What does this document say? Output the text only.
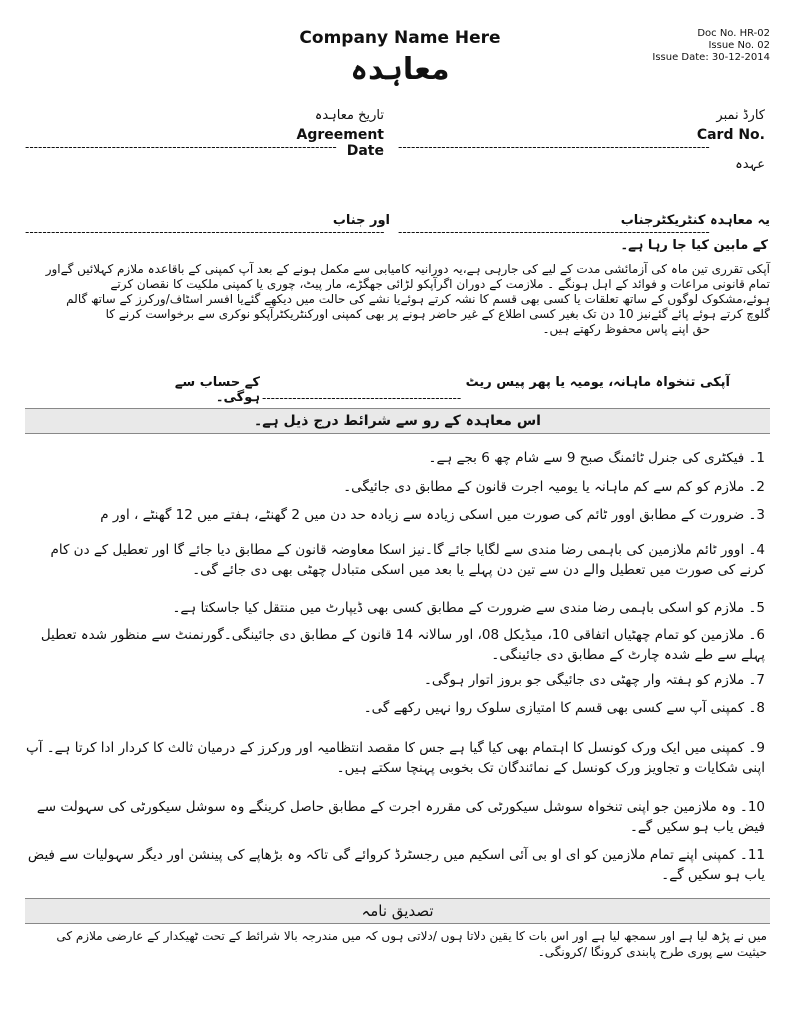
Company Name Here
معاہدہ
Doc No. HR-02
Issue No. 02
Issue Date: 30-12-2014
کارڈ نمبر
Card No.
------------------------------------------------------------------------
تاریخ معاہدہ
Agreement Date
------------------------------------------------------------------------
عہدہ
یہ معاہدہ کنٹریکٹرجناب
------------------------------------------------------------------------
اور جناب
-----------------------------------------------------------------------------------
کے مابین کیا جا رہا ہے۔
آپکی تقرری تین ماہ کی آزمائشی مدت کے لیے کی جارہی ہے،یہ دورانیہ کامیابی سے مکمل ہونے کے بعد آپ کمپنی کے باقاعدہ ملازم کہلائیں گےاور
تمام قانونی مراعات و فوائد کے اہل ہونگے ۔ ملازمت کے دوران اگرآپکو لڑائی جھگڑے، مار پیٹ، چوری یا کمپنی ملکیت کا نقصان کرتے
ہوئے،مشکوک لوگوں کے ساتھ تعلقات یا کسی بھی قسم کا نشہ کرتے ہوئےیا نشے کی حالت میں دیکھے گئےیا افسر اسٹاف/ورکرز کے ساتھ گالم
گلوچ کرتے ہوئے پائے گئےنیز 10 دن تک بغیر کسی اطلاع کے غیر حاضر ہونے پر بھی کمپنی اورکنٹریکٹرآپکو نوکری سے برخواست کرنے کا
حق اپنے پاس محفوظ رکھتے ہیں۔
آپکی تنخواہ ماہانہ، یومیہ یا پھر پیس ریٹ
----------------------------------------------
کے حساب سے ہوگی۔
اس معاہدہ کے رو سے شرائط درج ذیل ہے۔
1۔ فیکٹری کی جنرل ٹائمنگ صبح 9 سے شام چھ 6 بجے ہے۔
2۔ ملازم کو کم سے کم ماہانہ یا یومیہ اجرت قانون کے مطابق دی جائیگی۔
3۔ ضرورت کے مطابق اوور ٹائم کی صورت میں اسکی زیادہ سے زیادہ حد دن میں 2 گھنٹے، ہفتے میں 12 گھنٹے ، اور م
4۔ اوور ٹائم ملازمین کی باہمی رضا مندی سے لگایا جائے گا۔نیز اسکا معاوضہ قانون کے مطابق دیا جائے گا اور تعطیل کے دن کام کرنے کی صورت میں تعطیل والے دن سے تین دن پہلے یا بعد میں اسکی متبادل چھٹی بھی دی جائے گی۔
5۔ ملازم کو اسکی باہمی رضا مندی سے ضرورت کے مطابق کسی بھی ڈیپارٹ میں منتقل کیا جاسکتا ہے۔
6۔ ملازمین کو تمام چھٹیاں اتفاقی 10، میڈیکل 08، اور سالانہ 14 قانون کے مطابق دی جائینگی۔گورنمنٹ سے منظور شدہ تعطیل پہلے سے طے شدہ چارٹ کے مطابق دی جائینگی۔
7۔ ملازم کو ہفتہ وار چھٹی دی جائیگی جو بروز اتوار ہوگی۔
8۔ کمپنی آپ سے کسی بھی قسم کا امتیازی سلوک روا نہیں رکھے گی۔
9۔ کمپنی میں ایک ورک کونسل کا اہتمام بھی کیا گیا ہے جس کا مقصد انتظامیہ اور ورکرز کے درمیان ثالث کا کردار ادا کرتا ہے۔ آپ اپنی شکایات و تجاویز ورک کونسل کے نمائندگان تک بخوبی پہنچا سکتے ہیں۔
10۔ وہ ملازمین جو اپنی تنخواہ سوشل سیکورٹی کی مقررہ اجرت کے مطابق حاصل کرینگے وہ سوشل سیکورٹی کی سہولت سے فیض یاب ہو سکیں گے۔
11۔ کمپنی اپنے تمام ملازمین کو ای او بی آئی اسکیم میں رجسٹرڈ کروائے گی تاکہ وہ بڑھاپے کی پینشن اور دیگر سہولیات سے فیض یاب ہو سکیں گے۔
تصدیق نامہ
میں نے پڑھ لیا ہے اور سمجھ لیا ہے اور اس بات کا یقین دلاتا ہوں /دلاتی ہوں کہ میں مندرجہ بالا شرائط کے تحت ٹھیکدار کے عارضی ملازم کی حیثیت سے پوری طرح پابندی کرونگا /کرونگی۔
